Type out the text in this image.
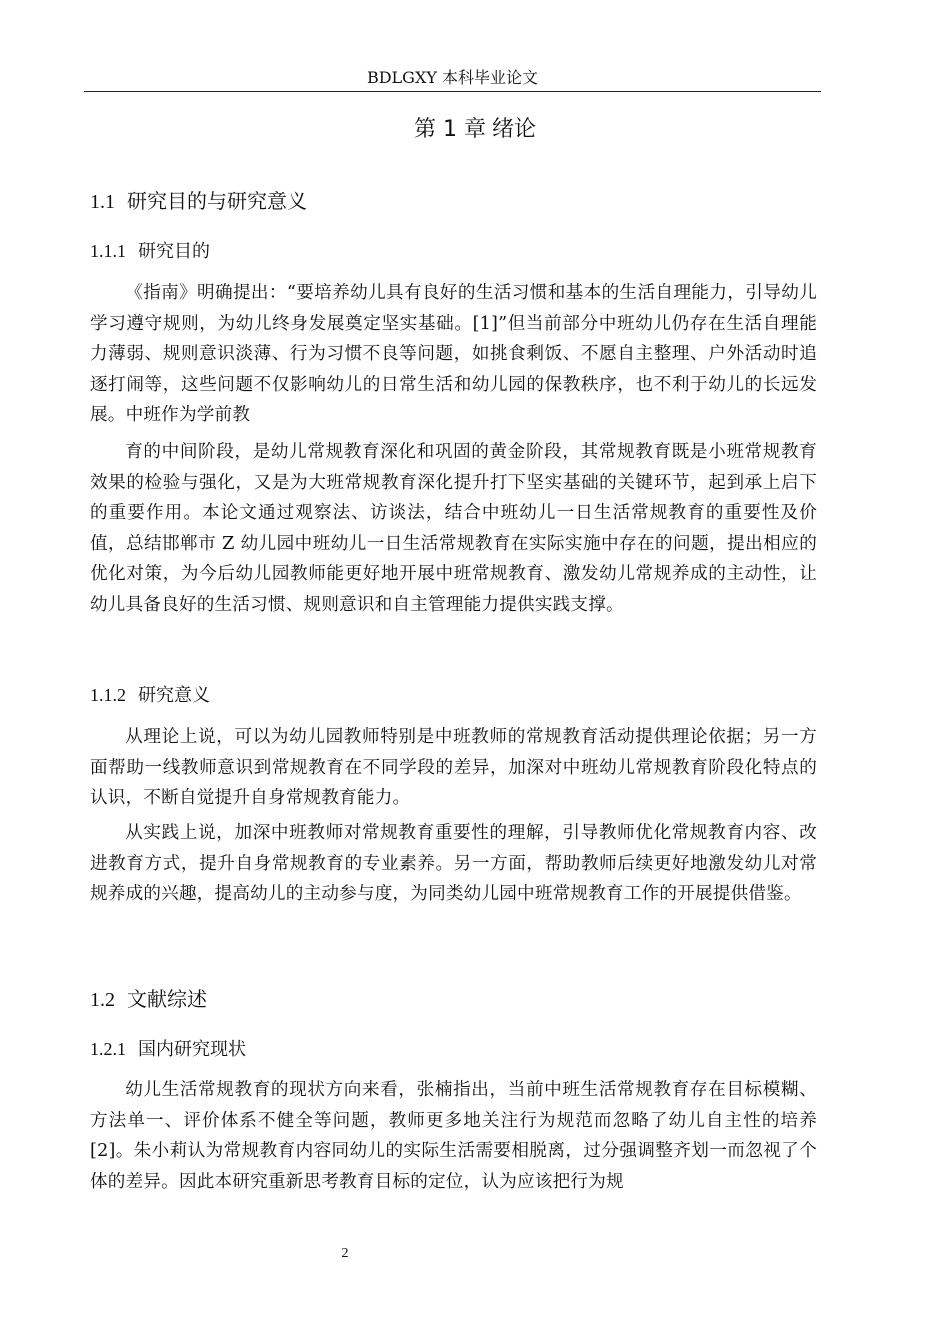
BDLGXY 本科毕业论文
第 1 章 绪论
1.1 研究目的与研究意义
1.1.1 研究目的

《指南》明确提出：“要培养幼儿具有良好的生活习惯和基本的生活自理能力，引导幼儿学习遵守规则，为幼儿终身发展奠定坚实基础。[1]”但当前部分中班幼儿仍存在生活自理能力薄弱、规则意识淡薄、行为习惯不良等问题，如挑食剩饭、不愿自主整理、户外活动时追逐打闹等，这些问题不仅影响幼儿的日常生活和幼儿园的保教秩序，也不利于幼儿的长远发展。中班作为学前教

育的中间阶段，是幼儿常规教育深化和巩固的黄金阶段，其常规教育既是小班常规教育效果的检验与强化，又是为大班常规教育深化提升打下坚实基础的关键环节，起到承上启下的重要作用。本论文通过观察法、访谈法，结合中班幼儿一日生活常规教育的重要性及价值，总结邯郸市 Z 幼儿园中班幼儿一日生活常规教育在实际实施中存在的问题，提出相应的优化对策，为今后幼儿园教师能更好地开展中班常规教育、激发幼儿常规养成的主动性，让幼儿具备良好的生活习惯、规则意识和自主管理能力提供实践支撑。

1.1.2 研究意义

从理论上说，可以为幼儿园教师特别是中班教师的常规教育活动提供理论依据；另一方面帮助一线教师意识到常规教育在不同学段的差异，加深对中班幼儿常规教育阶段化特点的认识，不断自觉提升自身常规教育能力。

从实践上说，加深中班教师对常规教育重要性的理解，引导教师优化常规教育内容、改进教育方式，提升自身常规教育的专业素养。另一方面，帮助教师后续更好地激发幼儿对常规养成的兴趣，提高幼儿的主动参与度，为同类幼儿园中班常规教育工作的开展提供借鉴。

1.2 文献综述
1.2.1 国内研究现状

幼儿生活常规教育的现状方向来看，张楠指出，当前中班生活常规教育存在目标模糊、方法单一、评价体系不健全等问题，教师更多地关注行为规范而忽略了幼儿自主性的培养[2]。朱小莉认为常规教育内容同幼儿的实际生活需要相脱离，过分强调整齐划一而忽视了个体的差异。因此本研究重新思考教育目标的定位，认为应该把行为规

2
